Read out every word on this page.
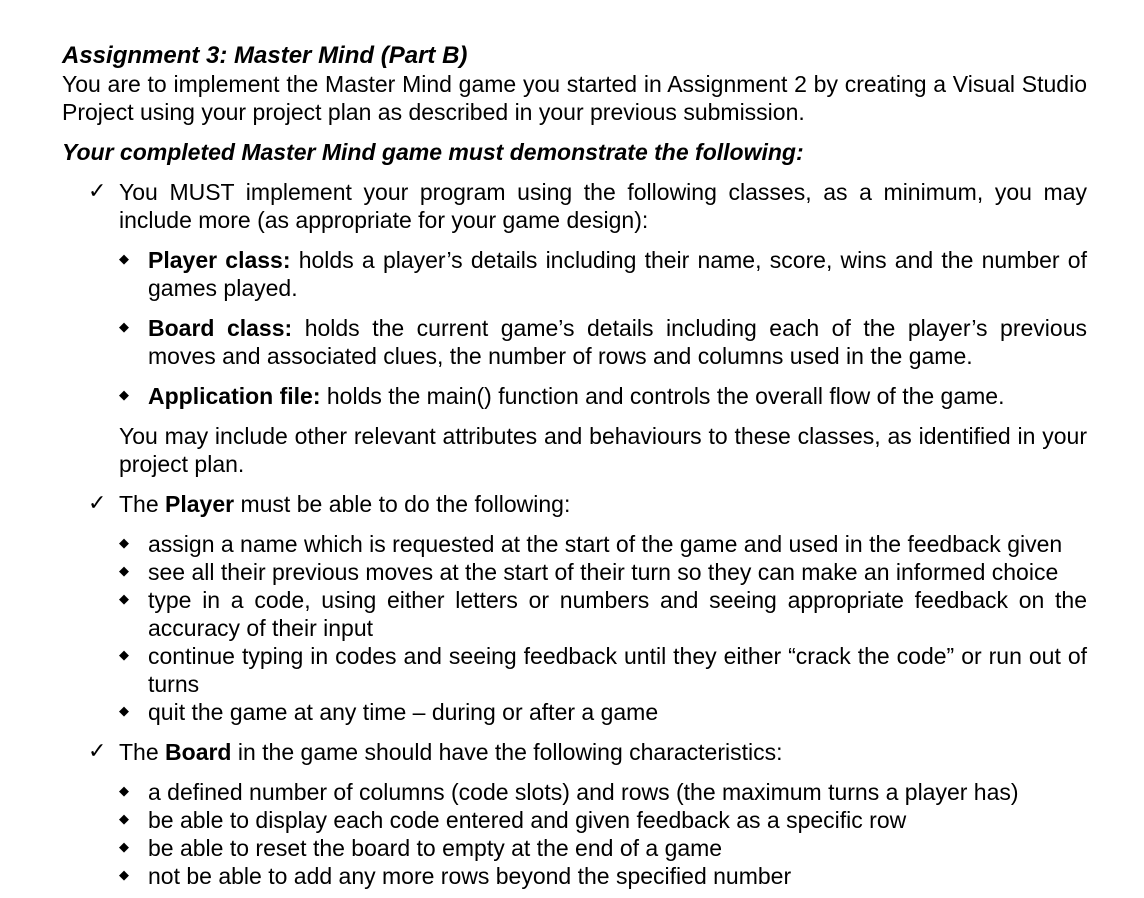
Assignment 3: Master Mind (Part B)

You are to implement the Master Mind game you started in Assignment 2 by creating a Visual Studio Project using your project plan as described in your previous submission.

Your completed Master Mind game must demonstrate the following:

✓ You MUST implement your program using the following classes, as a minimum, you may include more (as appropriate for your game design):
◆ Player class: holds a player’s details including their name, score, wins and the number of games played.
◆ Board class: holds the current game’s details including each of the player’s previous moves and associated clues, the number of rows and columns used in the game.
◆ Application file: holds the main() function and controls the overall flow of the game.
You may include other relevant attributes and behaviours to these classes, as identified in your project plan.
✓ The Player must be able to do the following:
◆ assign a name which is requested at the start of the game and used in the feedback given
◆ see all their previous moves at the start of their turn so they can make an informed choice
◆ type in a code, using either letters or numbers and seeing appropriate feedback on the accuracy of their input
◆ continue typing in codes and seeing feedback until they either “crack the code” or run out of turns
◆ quit the game at any time – during or after a game
✓ The Board in the game should have the following characteristics:
◆ a defined number of columns (code slots) and rows (the maximum turns a player has)
◆ be able to display each code entered and given feedback as a specific row
◆ be able to reset the board to empty at the end of a game
◆ not be able to add any more rows beyond the specified number
